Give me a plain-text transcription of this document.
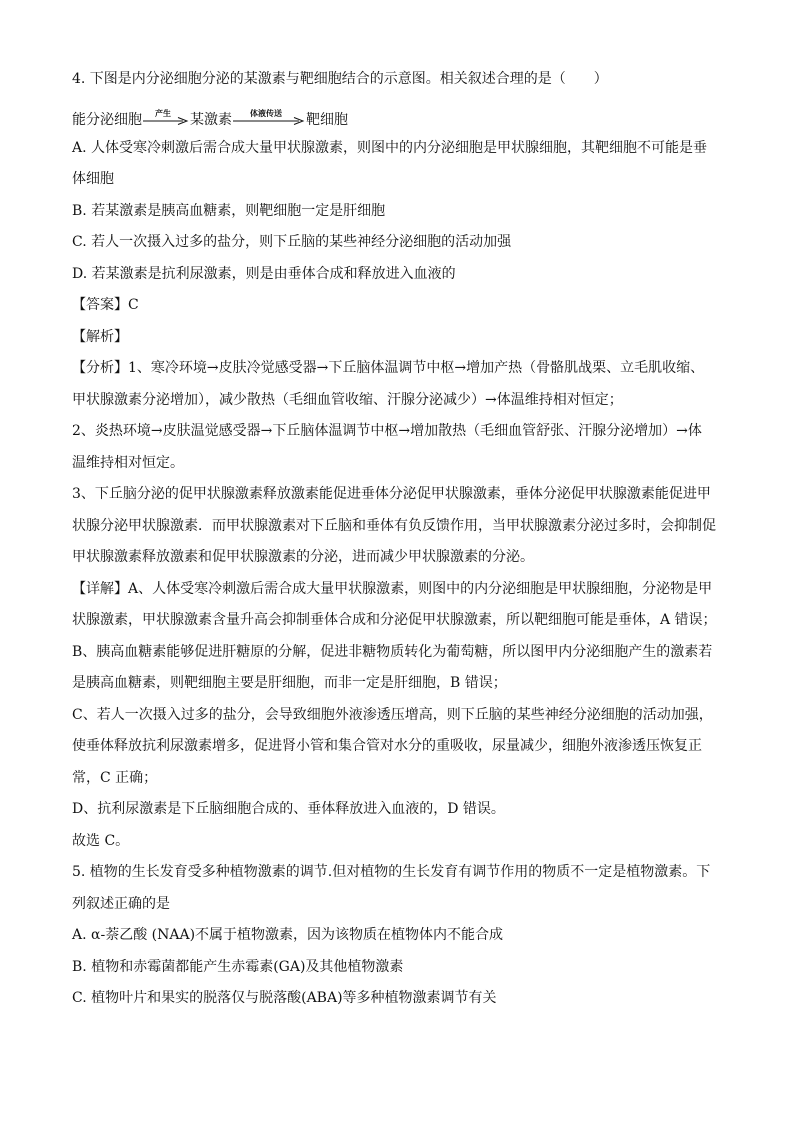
4. 下图是内分泌细胞分泌的某激素与靶细胞结合的示意图。相关叙述合理的是（　　）

能分泌细胞	产生	某激素	体液传送	靶细胞

A. 人体受寒冷刺激后需合成大量甲状腺激素，则图中的内分泌细胞是甲状腺细胞，其靶细胞不可能是垂

体细胞

B. 若某激素是胰高血糖素，则靶细胞一定是肝细胞

C. 若人一次摄入过多的盐分，则下丘脑的某些神经分泌细胞的活动加强

D. 若某激素是抗利尿激素，则是由垂体合成和释放进入血液的

【答案】C

【解析】

【分析】1、寒冷环境→皮肤冷觉感受器→下丘脑体温调节中枢→增加产热（骨骼肌战栗、立毛肌收缩、

甲状腺激素分泌增加），减少散热（毛细血管收缩、汗腺分泌减少）→体温维持相对恒定；

2、炎热环境→皮肤温觉感受器→下丘脑体温调节中枢→增加散热（毛细血管舒张、汗腺分泌增加）→体

温维持相对恒定。

3、下丘脑分泌的促甲状腺激素释放激素能促进垂体分泌促甲状腺激素，垂体分泌促甲状腺激素能促进甲

状腺分泌甲状腺激素．而甲状腺激素对下丘脑和垂体有负反馈作用，当甲状腺激素分泌过多时，会抑制促

甲状腺激素释放激素和促甲状腺激素的分泌，进而减少甲状腺激素的分泌。

【详解】A、人体受寒冷刺激后需合成大量甲状腺激素，则图中的内分泌细胞是甲状腺细胞，分泌物是甲

状腺激素，甲状腺激素含量升高会抑制垂体合成和分泌促甲状腺激素，所以靶细胞可能是垂体，A 错误；

B、胰高血糖素能够促进肝糖原的分解，促进非糖物质转化为葡萄糖，所以图甲内分泌细胞产生的激素若

是胰高血糖素，则靶细胞主要是肝细胞，而非一定是肝细胞，B 错误；

C、若人一次摄入过多的盐分，会导致细胞外液渗透压增高，则下丘脑的某些神经分泌细胞的活动加强，

使垂体释放抗利尿激素增多，促进肾小管和集合管对水分的重吸收，尿量减少，细胞外液渗透压恢复正

常，C 正确；

D、抗利尿激素是下丘脑细胞合成的、垂体释放进入血液的，D 错误。

故选 C。

5. 植物的生长发育受多种植物激素的调节.但对植物的生长发育有调节作用的物质不一定是植物激素。下

列叙述正确的是

A. α-萘乙酸 (NAA)不属于植物激素，因为该物质在植物体内不能合成

B. 植物和赤霉菌都能产生赤霉素(GA)及其他植物激素

C. 植物叶片和果实的脱落仅与脱落酸(ABA)等多种植物激素调节有关
